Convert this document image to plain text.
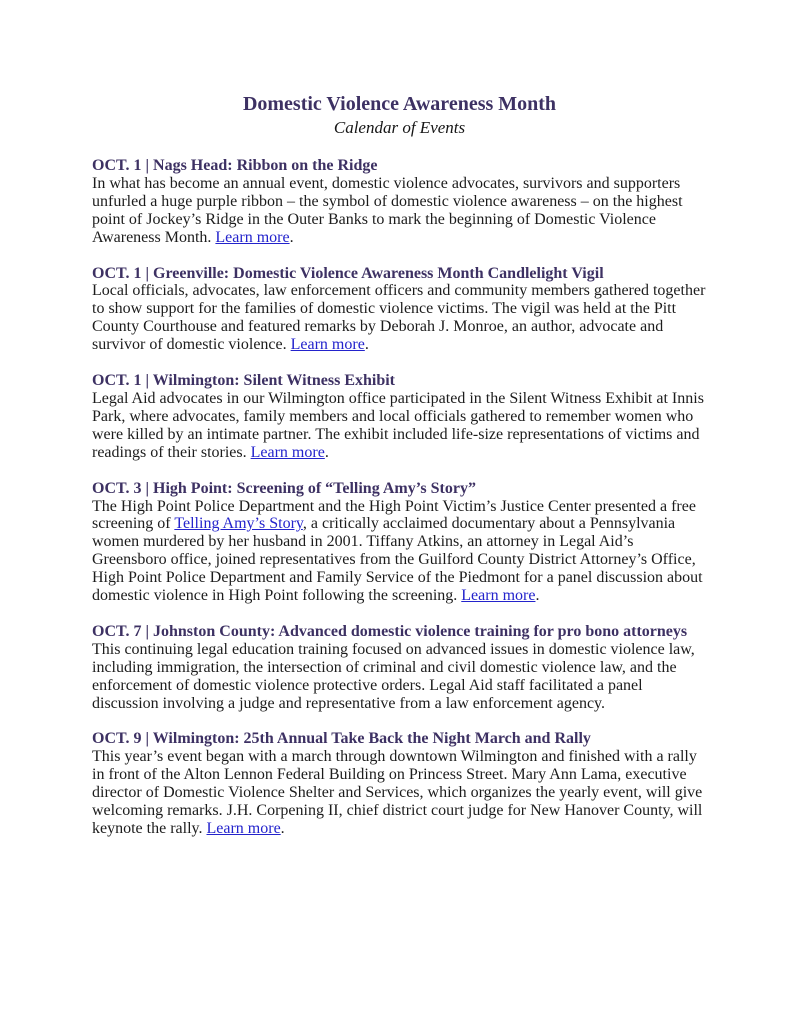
Domestic Violence Awareness Month
Calendar of Events
OCT. 1 | Nags Head: Ribbon on the Ridge

In what has become an annual event, domestic violence advocates, survivors and supporters unfurled a huge purple ribbon – the symbol of domestic violence awareness – on the highest point of Jockey’s Ridge in the Outer Banks to mark the beginning of Domestic Violence Awareness Month. Learn more.

OCT. 1 | Greenville: Domestic Violence Awareness Month Candlelight Vigil

Local officials, advocates, law enforcement officers and community members gathered together to show support for the families of domestic violence victims. The vigil was held at the Pitt County Courthouse and featured remarks by Deborah J. Monroe, an author, advocate and survivor of domestic violence. Learn more.

OCT. 1 | Wilmington: Silent Witness Exhibit

Legal Aid advocates in our Wilmington office participated in the Silent Witness Exhibit at Innis Park, where advocates, family members and local officials gathered to remember women who were killed by an intimate partner. The exhibit included life-size representations of victims and readings of their stories. Learn more.

OCT. 3 | High Point: Screening of “Telling Amy’s Story”

The High Point Police Department and the High Point Victim’s Justice Center presented a free screening of Telling Amy’s Story, a critically acclaimed documentary about a Pennsylvania women murdered by her husband in 2001. Tiffany Atkins, an attorney in Legal Aid’s Greensboro office, joined representatives from the Guilford County District Attorney’s Office, High Point Police Department and Family Service of the Piedmont for a panel discussion about domestic violence in High Point following the screening. Learn more.

OCT. 7 | Johnston County: Advanced domestic violence training for pro bono attorneys

This continuing legal education training focused on advanced issues in domestic violence law, including immigration, the intersection of criminal and civil domestic violence law, and the enforcement of domestic violence protective orders. Legal Aid staff facilitated a panel discussion involving a judge and representative from a law enforcement agency.

OCT. 9 | Wilmington: 25th Annual Take Back the Night March and Rally

This year’s event began with a march through downtown Wilmington and finished with a rally in front of the Alton Lennon Federal Building on Princess Street. Mary Ann Lama, executive director of Domestic Violence Shelter and Services, which organizes the yearly event, will give welcoming remarks. J.H. Corpening II, chief district court judge for New Hanover County, will keynote the rally. Learn more.
